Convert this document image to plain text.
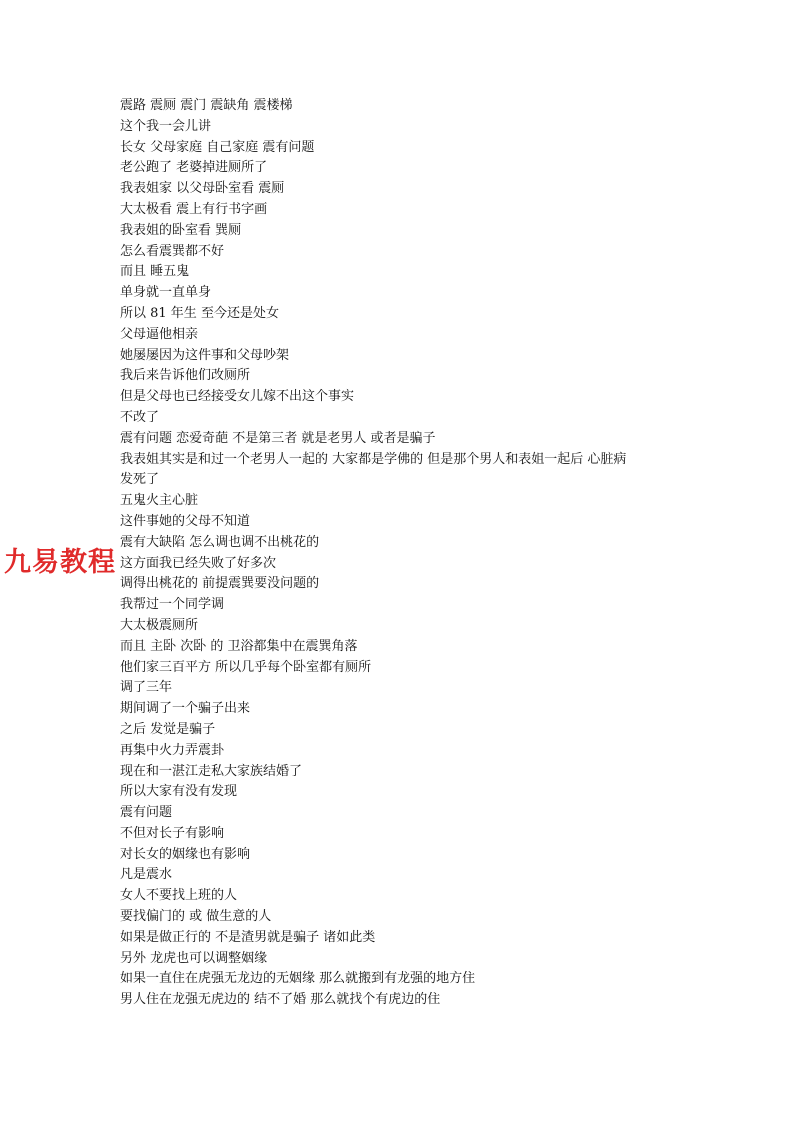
震路 震厕 震门 震缺角 震楼梯
这个我一会儿讲
长女 父母家庭 自己家庭 震有问题
老公跑了 老婆掉进厕所了
我表姐家 以父母卧室看 震厕
大太极看 震上有行书字画
我表姐的卧室看 巽厕
怎么看震巽都不好
而且 睡五鬼
单身就一直单身
所以 81 年生 至今还是处女
父母逼他相亲
她屡屡因为这件事和父母吵架
我后来告诉他们改厕所
但是父母也已经接受女儿嫁不出这个事实
不改了
震有问题 恋爱奇葩 不是第三者 就是老男人 或者是骗子
我表姐其实是和过一个老男人一起的 大家都是学佛的 但是那个男人和表姐一起后 心脏病
发死了
五鬼火主心脏
这件事她的父母不知道
震有大缺陷 怎么调也调不出桃花的
这方面我已经失败了好多次
调得出桃花的 前提震巽要没问题的
我帮过一个同学调
大太极震厕所
而且 主卧 次卧 的 卫浴都集中在震巽角落
他们家三百平方 所以几乎每个卧室都有厕所
调了三年
期间调了一个骗子出来
之后 发觉是骗子
再集中火力弄震卦
现在和一湛江走私大家族结婚了
所以大家有没有发现
震有问题
不但对长子有影响
对长女的姻缘也有影响
凡是震水
女人不要找上班的人
要找偏门的 或 做生意的人
如果是做正行的 不是渣男就是骗子 诸如此类
另外 龙虎也可以调整姻缘
如果一直住在虎强无龙边的无姻缘 那么就搬到有龙强的地方住
男人住在龙强无虎边的 结不了婚 那么就找个有虎边的住
九易教程
